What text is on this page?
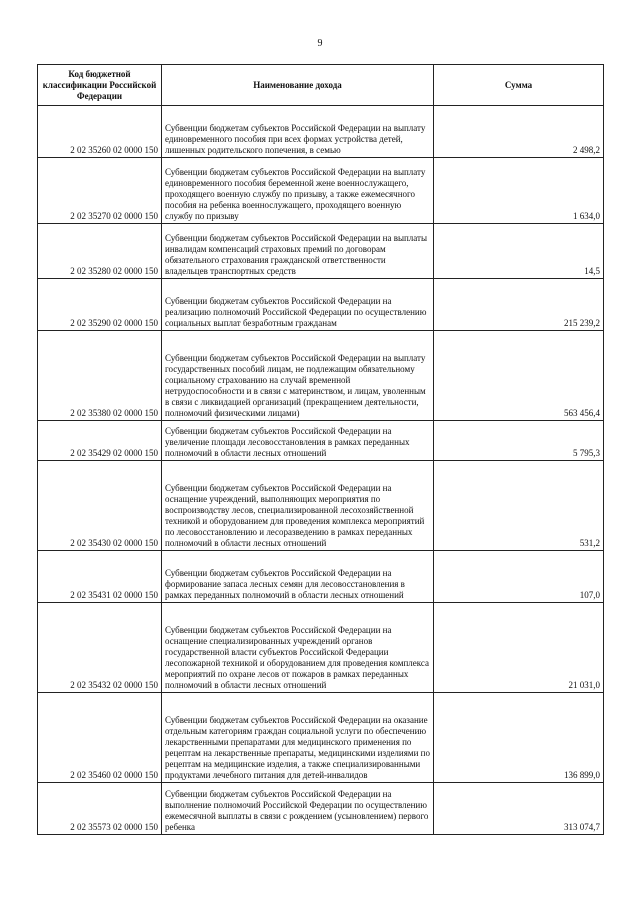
9
Код бюджетной классификации Российской Федерации	Наименование дохода	Сумма
2 02 35260 02 0000 150	Субвенции бюджетам субъектов Российской Федерации на выплату единовременного пособия при всех формах устройства детей, лишенных родительского попечения, в семью	2 498,2
2 02 35270 02 0000 150	Субвенции бюджетам субъектов Российской Федерации на выплату единовременного пособия беременной жене военнослужащего, проходящего военную службу по призыву, а также ежемесячного пособия на ребенка военнослужащего, проходящего военную службу по призыву	1 634,0
2 02 35280 02 0000 150	Субвенции бюджетам субъектов Российской Федерации на выплаты инвалидам компенсаций страховых премий по договорам обязательного страхования гражданской ответственности владельцев транспортных средств	14,5
2 02 35290 02 0000 150	Субвенции бюджетам субъектов Российской Федерации на реализацию полномочий Российской Федерации по осуществлению социальных выплат безработным гражданам	215 239,2
2 02 35380 02 0000 150	Субвенции бюджетам субъектов Российской Федерации на выплату государственных пособий лицам, не подлежащим обязательному социальному страхованию на случай временной нетрудоспособности и в связи с материнством, и лицам, уволенным в связи с ликвидацией организаций (прекращением деятельности, полномочий физическими лицами)	563 456,4
2 02 35429 02 0000 150	Субвенции бюджетам субъектов Российской Федерации на увеличение площади лесовосстановления в рамках переданных полномочий в области лесных отношений	5 795,3
2 02 35430 02 0000 150	Субвенции бюджетам субъектов Российской Федерации на оснащение учреждений, выполняющих мероприятия по воспроизводству лесов, специализированной лесохозяйственной техникой и оборудованием для проведения комплекса мероприятий по лесовосстановлению и лесоразведению в рамках переданных полномочий в области лесных отношений	531,2
2 02 35431 02 0000 150	Субвенции бюджетам субъектов Российской Федерации на формирование запаса лесных семян для лесовосстановления в рамках переданных полномочий в области лесных отношений	107,0
2 02 35432 02 0000 150	Субвенции бюджетам субъектов Российской Федерации на оснащение специализированных учреждений органов государственной власти субъектов Российской Федерации лесопожарной техникой и оборудованием для проведения комплекса мероприятий по охране лесов от пожаров в рамках переданных полномочий в области лесных отношений	21 031,0
2 02 35460 02 0000 150	Субвенции бюджетам субъектов Российской Федерации на оказание отдельным категориям граждан социальной услуги по обеспечению лекарственными препаратами для медицинского применения по рецептам на лекарственные препараты, медицинскими изделиями по рецептам на медицинские изделия, а также специализированными продуктами лечебного питания для детей-инвалидов	136 899,0
2 02 35573 02 0000 150	Субвенции бюджетам субъектов Российской Федерации на выполнение полномочий Российской Федерации по осуществлению ежемесячной выплаты в связи с рождением (усыновлением) первого ребенка	313 074,7
